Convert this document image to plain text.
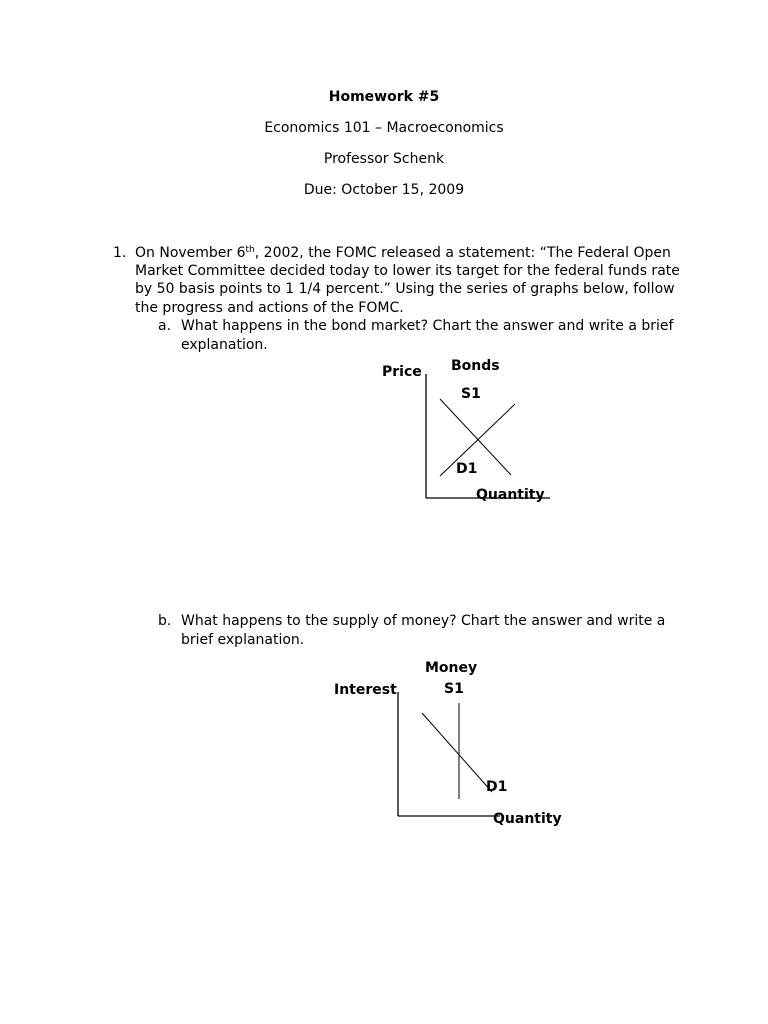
Homework #5
Economics 101 – Macroeconomics
Professor Schenk
Due: October 15, 2009
1. On November 6th, 2002, the FOMC released a statement: “The Federal Open
Market Committee decided today to lower its target for the federal funds rate
by 50 basis points to 1 1/4 percent.” Using the series of graphs below, follow
the progress and actions of the FOMC.
a. What happens in the bond market? Chart the answer and write a brief
explanation.
b. What happens to the supply of money? Chart the answer and write a
brief explanation.
Bonds
Price
S1
D1
Quantity
Money
Interest	S1
D1
Quantity
